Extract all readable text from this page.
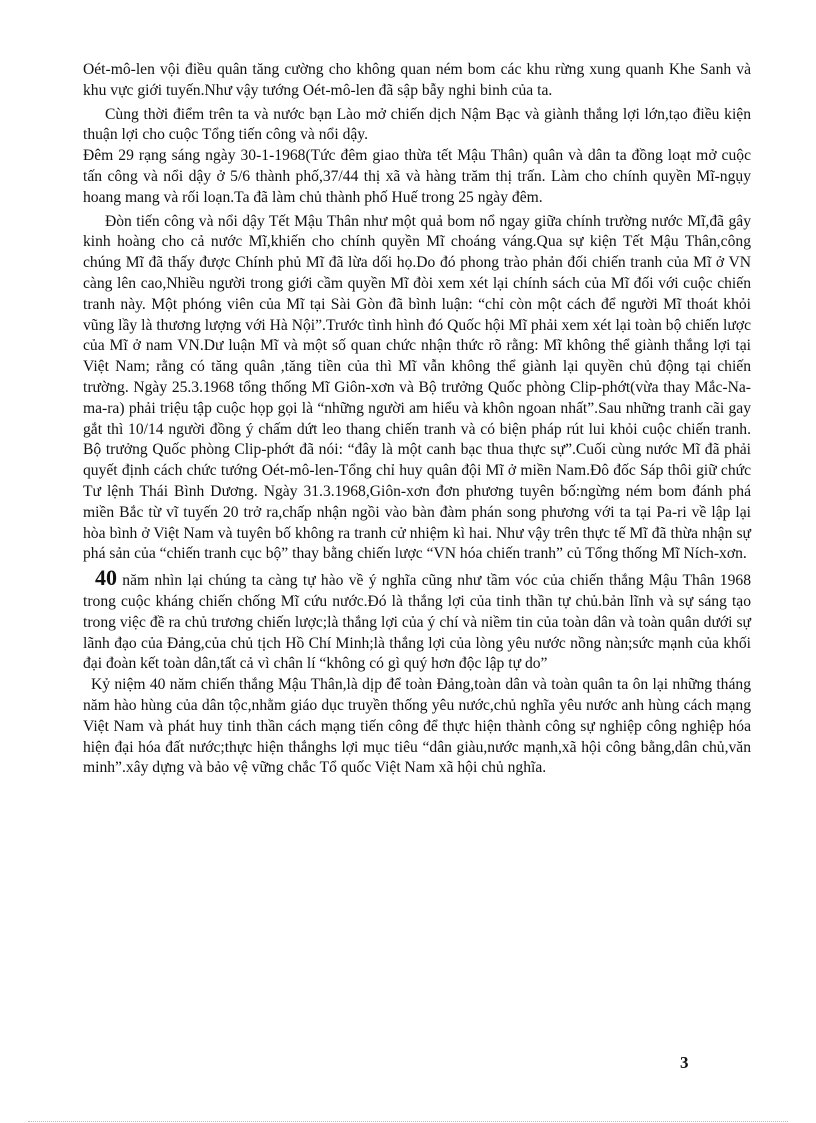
Oét-mô-len vội điều quân tăng cường cho không quan ném bom các khu rừng xung quanh Khe Sanh và khu vực giới tuyến.Như vậy tướng Oét-mô-len đã sập bẫy nghi binh của ta.

Cùng thời điểm trên ta và nước bạn Lào mở chiến dịch Nậm Bạc và giành thắng lợi lớn,tạo điều kiện thuận lợi cho cuộc Tổng tiến công và nổi dậy.

Đêm 29 rạng sáng ngày 30-1-1968(Tức đêm giao thừa tết Mậu Thân) quân và dân ta đồng loạt mở cuộc tấn công và nổi dậy ở 5/6 thành phố,37/44 thị xã và hàng trăm thị trấn. Làm cho chính quyền Mĩ-ngụy hoang mang và rối loạn.Ta đã làm chủ thành phố Huế trong 25 ngày đêm.

Đòn tiến công và nổi dậy Tết Mậu Thân như một quả bom nổ ngay giữa chính trường nước Mĩ,đã gây kinh hoàng cho cả nước Mĩ,khiến cho chính quyền Mĩ choáng váng.Qua sự kiện Tết Mậu Thân,công chúng Mĩ đã thấy được Chính phủ Mĩ đã lừa dối họ.Do đó phong trào phản đối chiến tranh của Mĩ ở VN càng lên cao,Nhiều người trong giới cầm quyền Mĩ đòi xem xét lại chính sách của Mĩ đối với cuộc chiến tranh này. Một phóng viên của Mĩ tại Sài Gòn đã bình luận: “chỉ còn một cách để người Mĩ thoát khỏi vũng lầy là thương lượng với Hà Nội”.Trước tình hình đó Quốc hội Mĩ phải xem xét lại toàn bộ chiến lược của Mĩ ở nam VN.Dư luận Mĩ và một số quan chức nhận thức rõ rằng: Mĩ không thể giành thắng lợi tại Việt Nam; rằng có tăng quân ,tăng tiền của thì Mĩ vẫn không thể giành lại quyền chủ động tại chiến trường. Ngày 25.3.1968 tổng thống Mĩ Giôn-xơn và Bộ trưởng Quốc phòng Clip-phớt(vừa thay Mắc-Na-ma-ra) phải triệu tập cuộc họp gọi là “những người am hiểu và khôn ngoan nhất”.Sau những tranh cãi gay gắt thì 10/14 người đồng ý chấm dứt leo thang chiến tranh và có biện pháp rút lui khỏi cuộc chiến tranh. Bộ trưởng Quốc phòng Clip-phớt đã nói: “đây là một canh bạc thua thực sự”.Cuối cùng nước Mĩ đã phải quyết định cách chức tướng Oét-mô-len-Tổng chỉ huy quân đội Mĩ ở miền Nam.Đô đốc Sáp thôi giữ chức Tư lệnh Thái Bình Dương. Ngày 31.3.1968,Giôn-xơn đơn phương tuyên bố:ngừng ném bom đánh phá miền Bắc từ vĩ tuyến 20 trở ra,chấp nhận ngồi vào bàn đàm phán song phương với ta tại Pa-ri về lập lại hòa bình ở Việt Nam và tuyên bố không ra tranh cử nhiệm kì hai. Như vậy trên thực tế Mĩ đã thừa nhận sự phá sản của “chiến tranh cục bộ” thay bằng chiến lược “VN hóa chiến tranh” củ Tổng thống Mĩ Ních-xơn.

40 năm nhìn lại chúng ta càng tự hào về ý nghĩa cũng như tầm vóc của chiến thắng Mậu Thân 1968 trong cuộc kháng chiến chống Mĩ cứu nước.Đó là thắng lợi của tinh thần tự chủ.bản lĩnh và sự sáng tạo trong việc đề ra chủ trương chiến lược;là thắng lợi của ý chí và niềm tin của toàn dân và toàn quân dưới sự lãnh đạo của Đảng,của chủ tịch Hồ Chí Minh;là thắng lợi của lòng yêu nước nồng nàn;sức mạnh của khối đại đoàn kết toàn dân,tất cả vì chân lí “không có gì quý hơn độc lập tự do”

Kỷ niệm 40 năm chiến thắng Mậu Thân,là dịp để toàn Đảng,toàn dân và toàn quân ta ôn lại những tháng năm hào hùng của dân tộc,nhằm giáo dục truyền thống yêu nước,chủ nghĩa yêu nước anh hùng cách mạng Việt Nam và phát huy tinh thần cách mạng tiến công để thực hiện thành công sự nghiệp công nghiệp hóa hiện đại hóa đất nước;thực hiện thắnghs lợi mục tiêu “dân giàu,nước mạnh,xã hội công bằng,dân chủ,văn minh”.xây dựng và bảo vệ vững chắc Tổ quốc Việt Nam xã hội chủ nghĩa.

3
